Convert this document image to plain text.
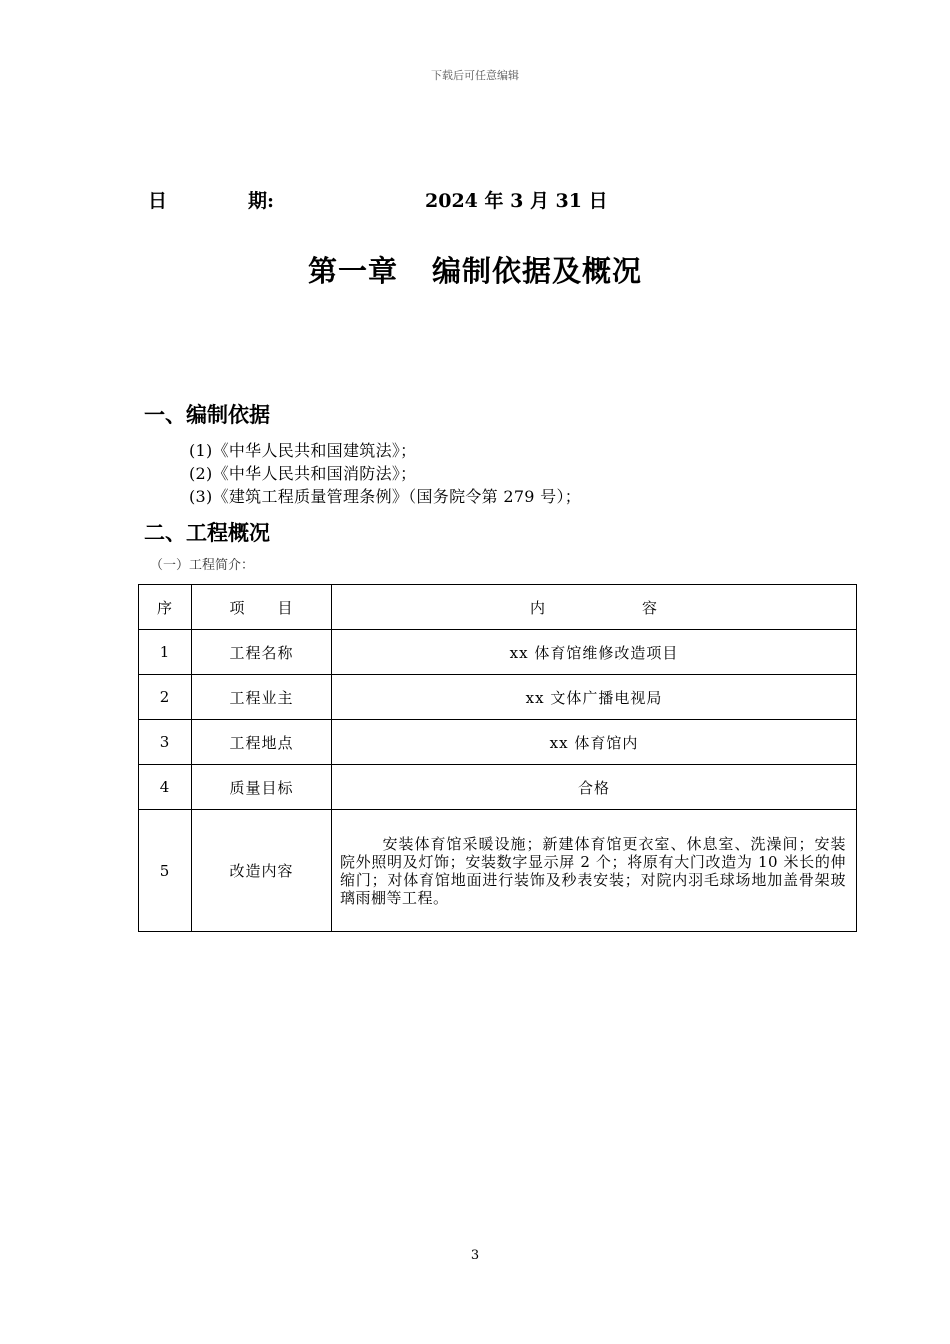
下载后可任意编辑
日	期:	2024 年 3 月 31 日
第一章 编制依据及概况
一、编制依据
(1)《中华人民共和国建筑法》；
(2)《中华人民共和国消防法》；
(3)《建筑工程质量管理条例》（国务院令第 279 号）；
二、工程概况
（一）工程简介：
序	项　　目	内　　　　　　容
1	工程名称	xx 体育馆维修改造项目
2	工程业主	xx 文体广播电视局
3	工程地点	xx 体育馆内
4	质量目标	合格
5	改造内容	安装体育馆采暖设施；新建体育馆更衣室、休息室、洗澡间；安装院外照明及灯饰；安装数字显示屏 2 个；将原有大门改造为 10 米长的伸缩门；对体育馆地面进行装饰及秒表安装；对院内羽毛球场地加盖骨架玻璃雨棚等工程。
3
